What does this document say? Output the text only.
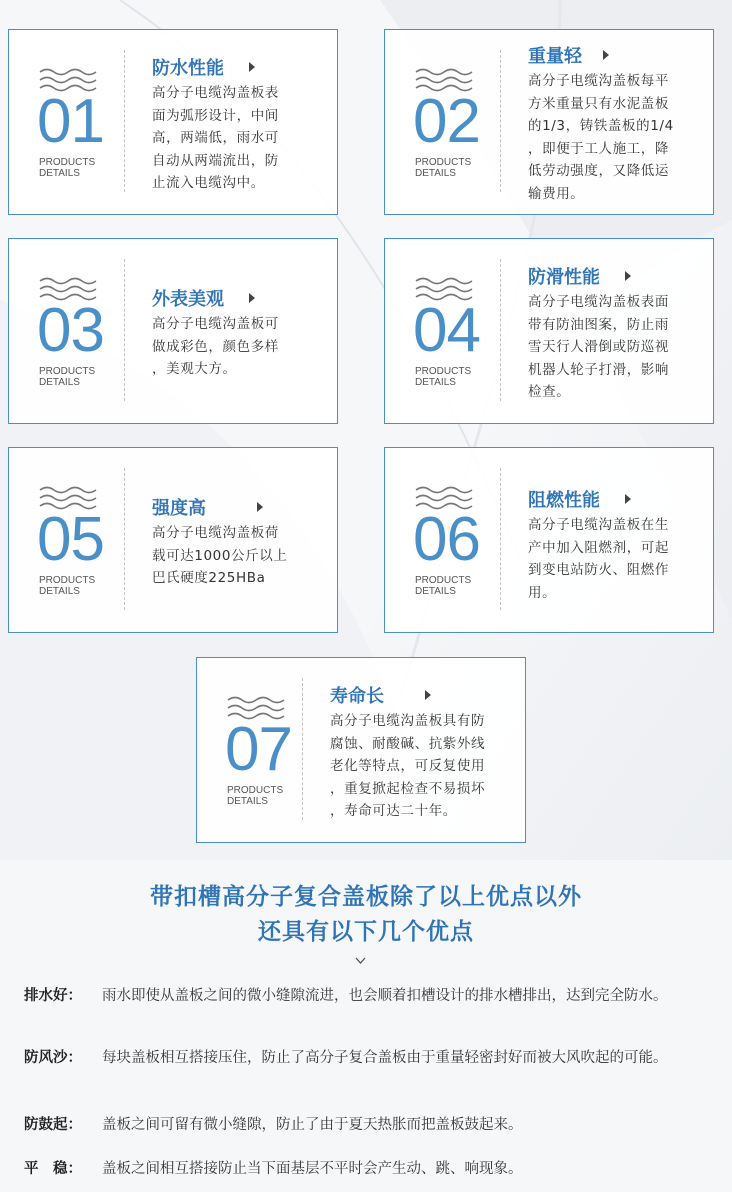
01
PRODUCTS
DETAILS
防水性能
高分子电缆沟盖板表
面为弧形设计，中间
高，两端低，雨水可
自动从两端流出，防
止流入电缆沟中。
02
PRODUCTS
DETAILS
重量轻
高分子电缆沟盖板每平
方米重量只有水泥盖板
的1/3，铸铁盖板的1/4
，即便于工人施工，降
低劳动强度，又降低运
输费用。
03
PRODUCTS
DETAILS
外表美观
高分子电缆沟盖板可
做成彩色，颜色多样
，美观大方。
04
PRODUCTS
DETAILS
防滑性能
高分子电缆沟盖板表面
带有防油图案，防止雨
雪天行人滑倒或防巡视
机器人轮子打滑，影响
检查。
05
PRODUCTS
DETAILS
强度高
高分子电缆沟盖板荷
载可达1000公斤以上
巴氏硬度225HBa
06
PRODUCTS
DETAILS
阻燃性能
高分子电缆沟盖板在生
产中加入阻燃剂，可起
到变电站防火、阻燃作
用。
07
PRODUCTS
DETAILS
寿命长
高分子电缆沟盖板具有防
腐蚀、耐酸碱、抗紫外线
老化等特点，可反复使用
，重复掀起检查不易损坏
，寿命可达二十年。
带扣槽高分子复合盖板除了以上优点以外
还具有以下几个优点
排水好： 雨水即使从盖板之间的微小缝隙流进，也会顺着扣槽设计的排水槽排出，达到完全防水。
防风沙： 每块盖板相互搭接压住，防止了高分子复合盖板由于重量轻密封好而被大风吹起的可能。
防鼓起： 盖板之间可留有微小缝隙，防止了由于夏天热胀而把盖板鼓起来。
平　稳： 盖板之间相互搭接防止当下面基层不平时会产生动、跳、响现象。
